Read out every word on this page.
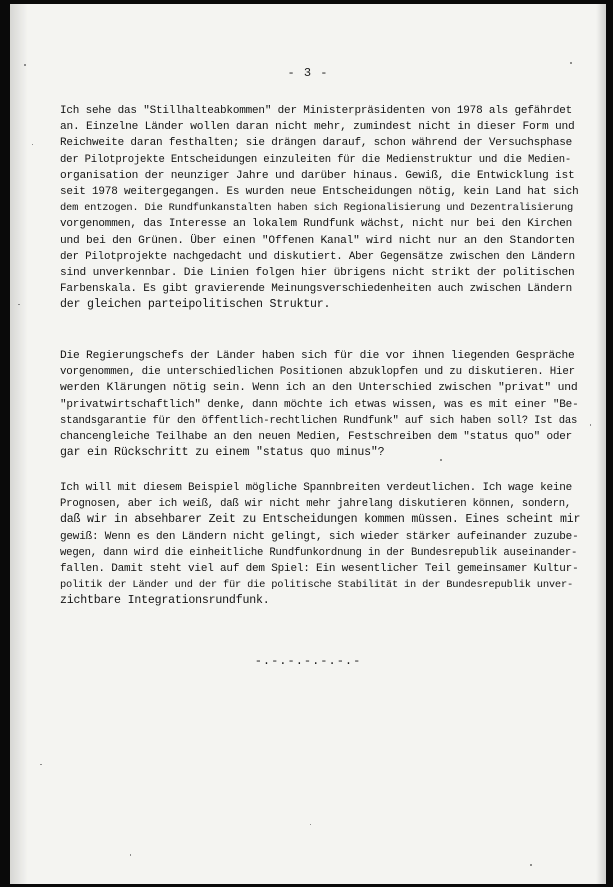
- 3 -
Ich sehe das "Stillhalteabkommen" der Ministerpräsidenten von 1978 als gefährdet
an. Einzelne Länder wollen daran nicht mehr, zumindest nicht in dieser Form und
Reichweite daran festhalten; sie drängen darauf, schon während der Versuchsphase
der Pilotprojekte Entscheidungen einzuleiten für die Medienstruktur und die Medien-
organisation der neunziger Jahre und darüber hinaus. Gewiß, die Entwicklung ist
seit 1978 weitergegangen. Es wurden neue Entscheidungen nötig, kein Land hat sich
dem entzogen. Die Rundfunkanstalten haben sich Regionalisierung und Dezentralisierung
vorgenommen, das Interesse an lokalem Rundfunk wächst, nicht nur bei den Kirchen
und bei den Grünen. Über einen "Offenen Kanal" wird nicht nur an den Standorten
der Pilotprojekte nachgedacht und diskutiert. Aber Gegensätze zwischen den Ländern
sind unverkennbar. Die Linien folgen hier übrigens nicht strikt der politischen
Farbenskala. Es gibt gravierende Meinungsverschiedenheiten auch zwischen Ländern
der gleichen parteipolitischen Struktur.
Die Regierungschefs der Länder haben sich für die vor ihnen liegenden Gespräche
vorgenommen, die unterschiedlichen Positionen abzuklopfen und zu diskutieren. Hier
werden Klärungen nötig sein. Wenn ich an den Unterschied zwischen "privat" und
"privatwirtschaftlich" denke, dann möchte ich etwas wissen, was es mit einer "Be-
standsgarantie für den öffentlich-rechtlichen Rundfunk" auf sich haben soll? Ist das
chancengleiche Teilhabe an den neuen Medien, Festschreiben dem "status quo" oder
gar ein Rückschritt zu einem "status quo minus"?
Ich will mit diesem Beispiel mögliche Spannbreiten verdeutlichen. Ich wage keine
Prognosen, aber ich weiß, daß wir nicht mehr jahrelang diskutieren können, sondern,
daß wir in absehbarer Zeit zu Entscheidungen kommen müssen. Eines scheint mir
gewiß: Wenn es den Ländern nicht gelingt, sich wieder stärker aufeinander zuzube-
wegen, dann wird die einheitliche Rundfunkordnung in der Bundesrepublik auseinander-
fallen. Damit steht viel auf dem Spiel: Ein wesentlicher Teil gemeinsamer Kultur-
politik der Länder und der für die politische Stabilität in der Bundesrepublik unver-
zichtbare Integrationsrundfunk.
-.-.-.-.-.-.-
